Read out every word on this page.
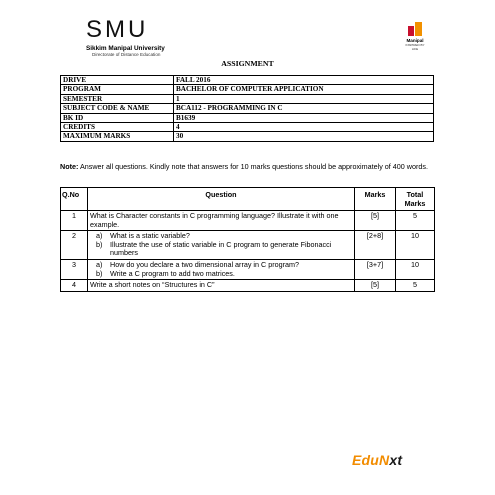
SMU
Sikkim Manipal University
Directorate of Distance Education
Manipal
INSPIRED BY LIFE
ASSIGNMENT
DRIVE	FALL 2016
PROGRAM	BACHELOR OF COMPUTER APPLICATION
SEMESTER	1
SUBJECT CODE & NAME	BCA112 - PROGRAMMING IN C
BK ID	B1639
CREDITS	4
MAXIMUM MARKS	30
Note: Answer all questions. Kindly note that answers for 10 marks questions should be approximately of 400 words.
Q.No	Question	Marks	Total Marks
1	What is Character constants in C programming language? Illustrate it with one example.	[5]	5
2	a) What is a static variable?
b) Illustrate the use of static variable in C program to generate Fibonacci numbers	[2+8]	10
3	a) How do you declare a two dimensional array in C program?
b) Write a C program to add two matrices.	[3+7]	10
4	Write a short notes on “Structures in C”	[5]	5
EduNxt
